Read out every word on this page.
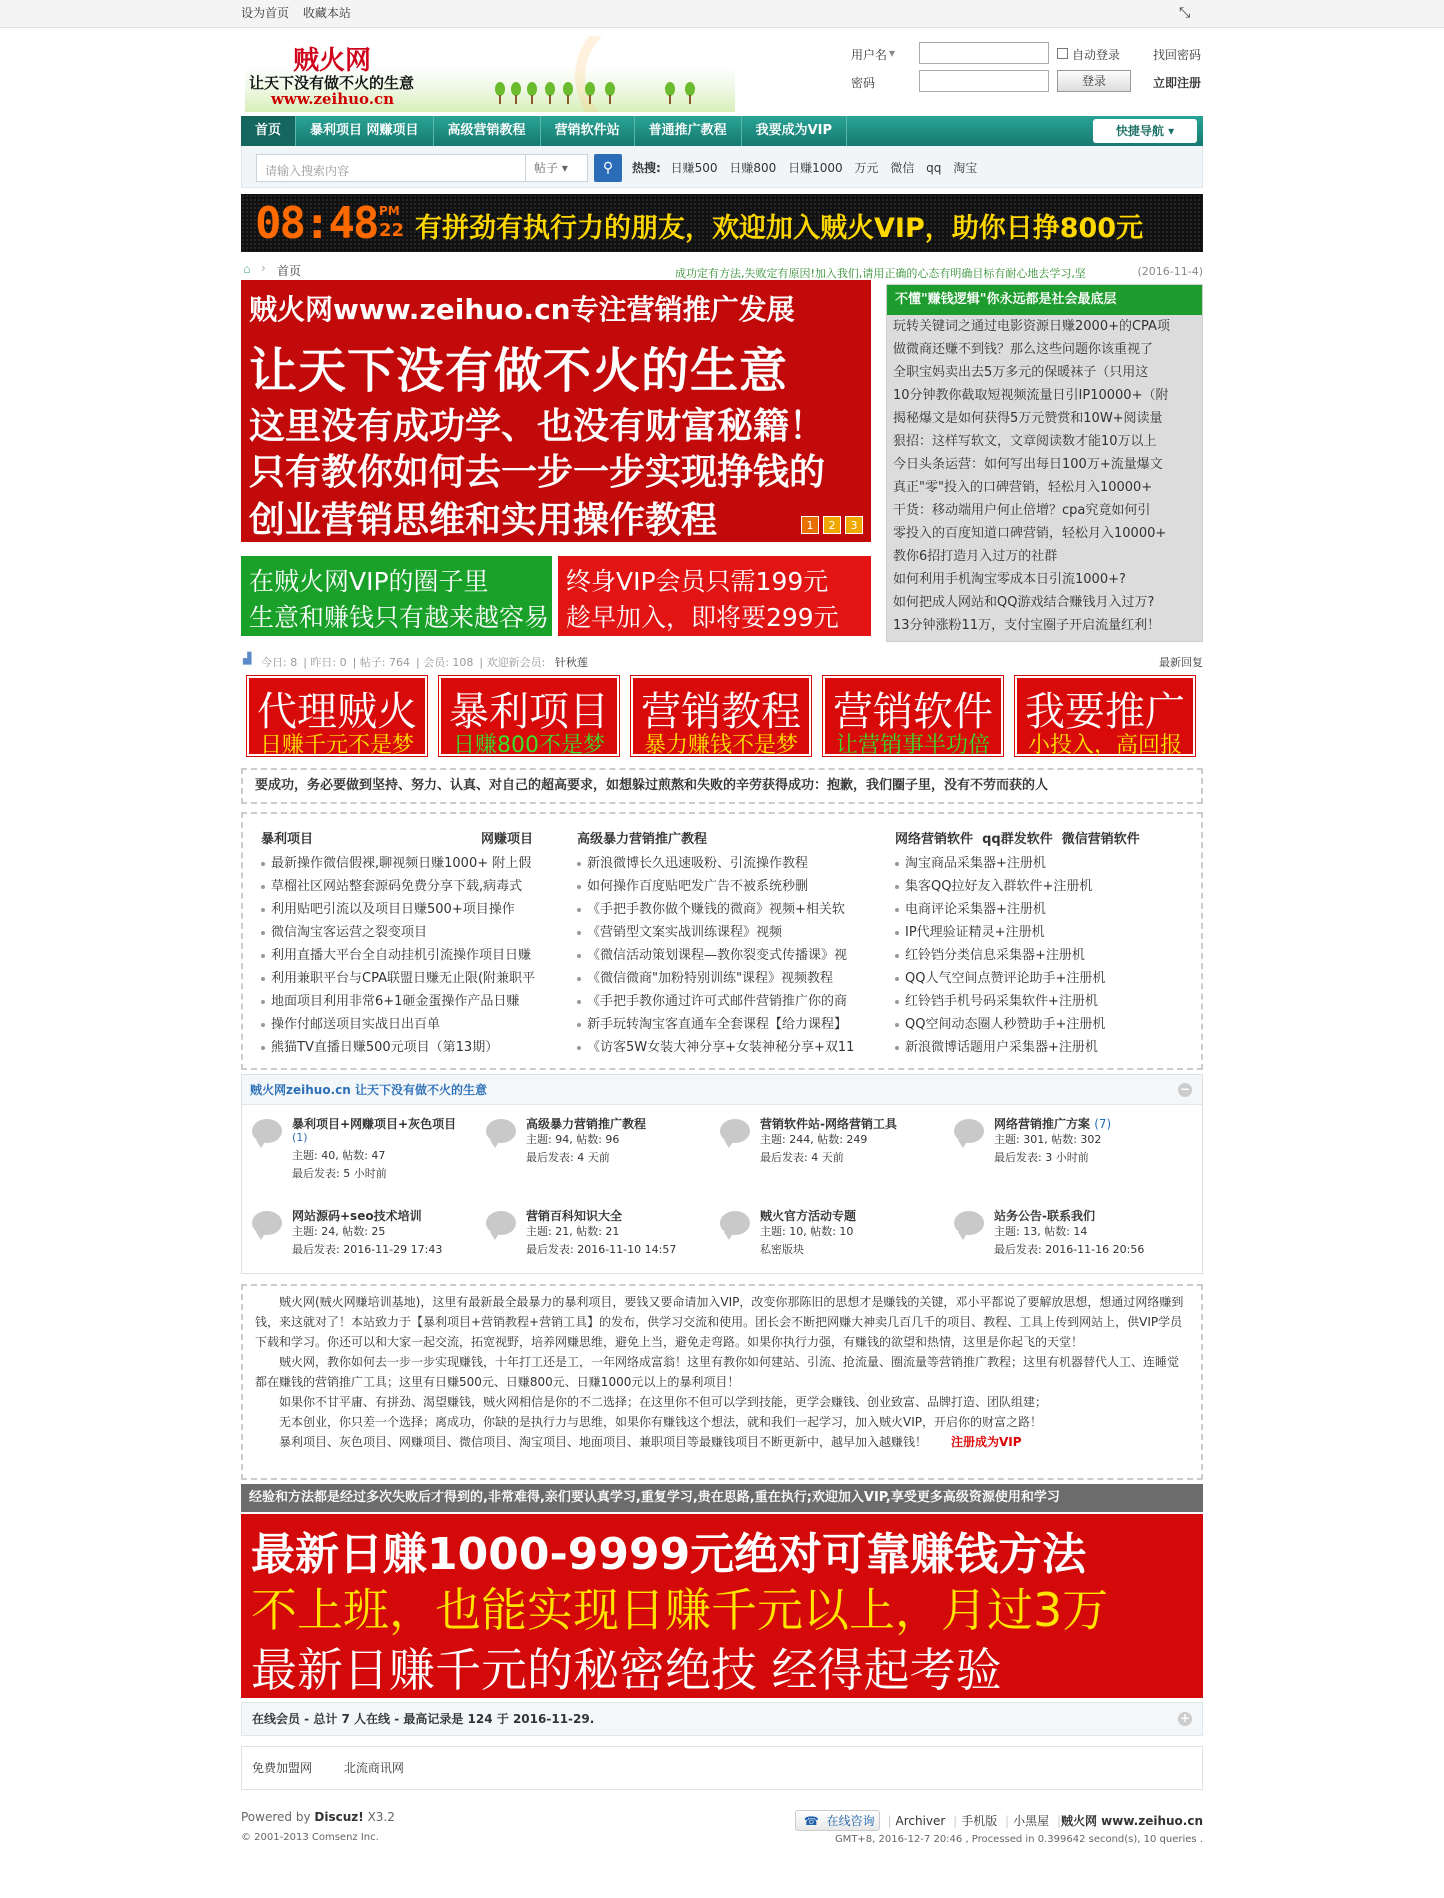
设为首页 收藏本站	⤡
贼火网
让天下没有做不火的生意
www.zeihuo.cn
用户名 ▾	自动登录	找回密码
密码	登录	立即注册
首页	暴利项目 网赚项目	高级营销教程	营销软件站	普通推广教程	我要成为VIP	快捷导航 ▾
请输入搜索内容	帖子 ▾	⚲	热搜: 日赚500 日赚800 日赚1000 万元 微信 qq 淘宝
08:48 PM
22 有拼劲有执行力的朋友，欢迎加入贼火VIP，助你日挣800元
⌂ › 首页	成功定有方法,失败定有原因!加入我们,请用正确的心态有明确目标有耐心地去学习,坚	(2016-11-4)
贼火网www.zeihuo.cn专注营销推广发展
让天下没有做不火的生意
这里没有成功学、也没有财富秘籍！
只有教你如何去一步一步实现挣钱的
创业营销思维和实用操作教程	1 2 3
在贼火网VIP的圈子里
生意和赚钱只有越来越容易
终身VIP会员只需199元
趁早加入，即将要299元
不懂"赚钱逻辑"你永远都是社会最底层
玩转关键词之通过电影资源日赚2000+的CPA项
做微商还赚不到钱？那么这些问题你该重视了
全职宝妈卖出去5万多元的保暖袜子（只用这
10分钟教你截取短视频流量日引IP10000+（附
揭秘爆文是如何获得5万元赞赏和10W+阅读量
狠招：这样写软文，文章阅读数才能10万以上
今日头条运营：如何写出每日100万+流量爆文
真正"零"投入的口碑营销，轻松月入10000+
干货：移动端用户何止倍增？cpa究竟如何引
零投入的百度知道口碑营销，轻松月入10000+
教你6招打造月入过万的社群
如何利用手机淘宝零成本日引流1000+?
如何把成人网站和QQ游戏结合赚钱月入过万?
13分钟涨粉11万，支付宝圈子开启流量红利！
▟ 今日: 8 | 昨日: 0 | 帖子: 764 | 会员: 108 | 欢迎新会员: 针秋莲	最新回复
代理贼火
日赚千元不是梦
暴利项目
日赚800不是梦
营销教程
暴力赚钱不是梦
营销软件
让营销事半功倍
我要推广
小投入，高回报
要成功，务必要做到坚持、努力、认真、对自己的超高要求，如想躲过煎熬和失败的辛劳获得成功：抱歉，我们圈子里，没有不劳而获的人
暴利项目	网赚项目
最新操作微信假裸,聊视频日赚1000+ 附上假
草榴社区网站整套源码免费分享下载,病毒式
利用贴吧引流以及项目日赚500+项目操作
微信淘宝客运营之裂变项目
利用直播大平台全自动挂机引流操作项目日赚
利用兼职平台与CPA联盟日赚无止限(附兼职平
地面项目利用非常6+1砸金蛋操作产品日赚
操作付邮送项目实战日出百单
熊猫TV直播日赚500元项目（第13期）
高级暴力营销推广教程
新浪微博长久迅速吸粉、引流操作教程
如何操作百度贴吧发广告不被系统秒删
《手把手教你做个赚钱的微商》视频+相关软
《营销型文案实战训练课程》视频
《微信活动策划课程—教你裂变式传播课》视
《微信微商"加粉特别训练"课程》视频教程
《手把手教你通过许可式邮件营销推广你的商
新手玩转淘宝客直通车全套课程【给力课程】
《访客5W女装大神分享+女装神秘分享+双11
网络营销软件 qq群发软件 微信营销软件
淘宝商品采集器+注册机
集客QQ拉好友入群软件+注册机
电商评论采集器+注册机
IP代理验证精灵+注册机
红铃铛分类信息采集器+注册机
QQ人气空间点赞评论助手+注册机
红铃铛手机号码采集软件+注册机
QQ空间动态圈人秒赞助手+注册机
新浪微博话题用户采集器+注册机
贼火网zeihuo.cn 让天下没有做不火的生意	−
暴利项目+网赚项目+灰色项目
(1)
主题: 40, 帖数: 47
最后发表: 5 小时前
高级暴力营销推广教程
主题: 94, 帖数: 96
最后发表: 4 天前
营销软件站-网络营销工具
主题: 244, 帖数: 249
最后发表: 4 天前
网络营销推广方案 (7)
主题: 301, 帖数: 302
最后发表: 3 小时前
网站源码+seo技术培训
主题: 24, 帖数: 25
最后发表: 2016-11-29 17:43
营销百科知识大全
主题: 21, 帖数: 21
最后发表: 2016-11-10 14:57
贼火官方活动专题
主题: 10, 帖数: 10
私密版块
站务公告-联系我们
主题: 13, 帖数: 14
最后发表: 2016-11-16 20:56

贼火网(贼火网赚培训基地)，这里有最新最全最暴力的暴利项目，要钱又要命请加入VIP，改变你那陈旧的思想才是赚钱的关键，邓小平都说了要解放思想，想通过网络赚到钱，来这就对了！本站致力于【暴利项目+营销教程+营销工具】的发布，供学习交流和使用。团长会不断把网赚大神卖几百几千的项目、教程、工具上传到网站上，供VIP学员下载和学习。你还可以和大家一起交流，拓宽视野，培养网赚思维，避免上当，避免走弯路。如果你执行力强，有赚钱的欲望和热情，这里是你起飞的天堂！

贼火网，教你如何去一步一步实现赚钱，十年打工还是工，一年网络成富翁！这里有教你如何建站、引流、抢流量、圈流量等营销推广教程；这里有机器替代人工、连睡觉都在赚钱的营销推广工具；这里有日赚500元、日赚800元、日赚1000元以上的暴利项目！

如果你不甘平庸、有拼劲、渴望赚钱，贼火网相信是你的不二选择；在这里你不但可以学到技能，更学会赚钱、创业致富、品牌打造、团队组建；

无本创业，你只差一个选择；离成功，你缺的是执行力与思维，如果你有赚钱这个想法，就和我们一起学习，加入贼火VIP，开启你的财富之路！

暴利项目、灰色项目、网赚项目、微信项目、淘宝项目、地面项目、兼职项目等最赚钱项目不断更新中，越早加入越赚钱！ 注册成为VIP

经验和方法都是经过多次失败后才得到的,非常难得,亲们要认真学习,重复学习,贵在思路,重在执行;欢迎加入VIP,享受更多高级资源使用和学习
最新日赚1000-9999元绝对可靠赚钱方法
不上班，也能实现日赚千元以上，月过3万
最新日赚千元的秘密绝技 经得起考验
在线会员 - 总计 7 人在线 - 最高记录是 124 于 2016-11-29.	+
免费加盟网	北流商讯网
Powered by Discuz! X3.2
© 2001-2013 Comsenz Inc.
☎ 在线咨询 | Archiver | 手机版 | 小黑屋 |贼火网 www.zeihuo.cn
GMT+8, 2016-12-7 20:46 , Processed in 0.399642 second(s), 10 queries .
